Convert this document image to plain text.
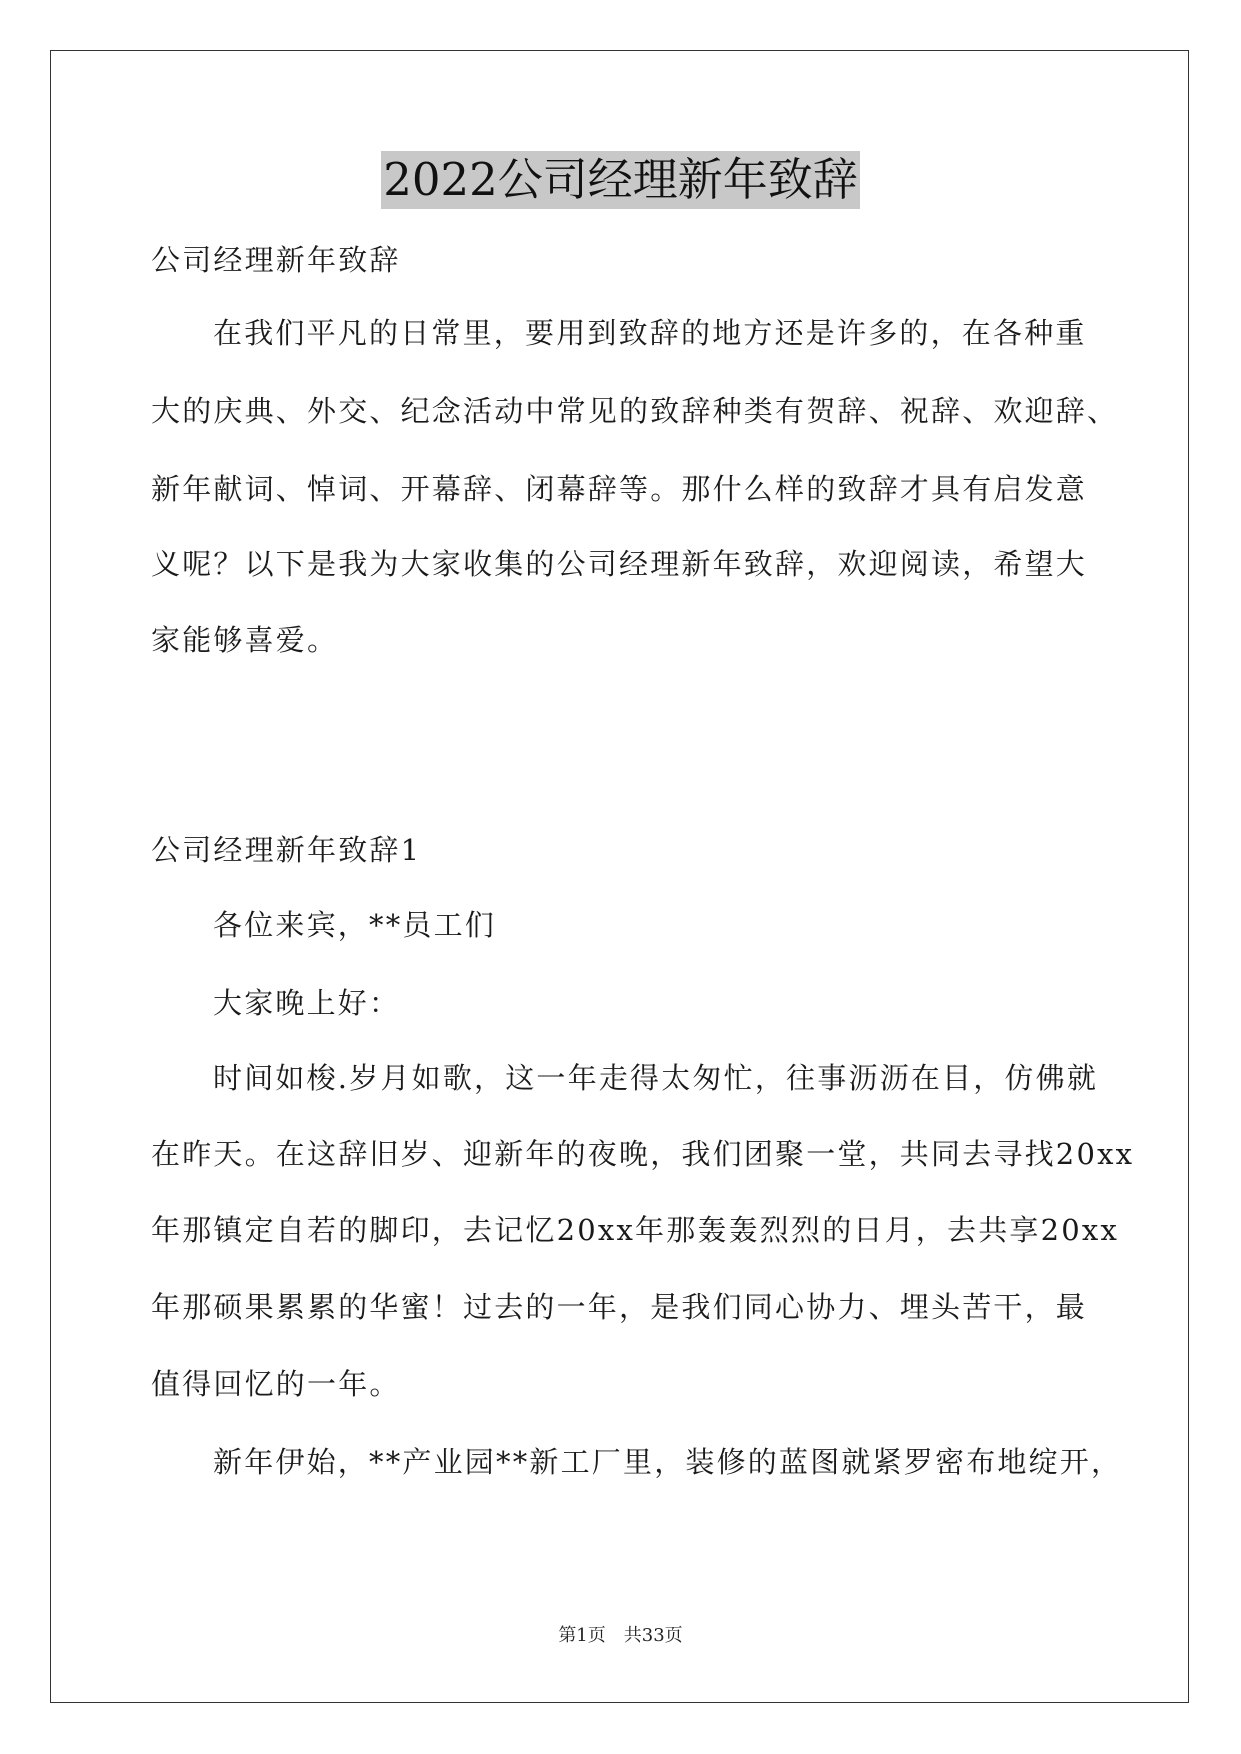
2022公司经理新年致辞
公司经理新年致辞
在我们平凡的日常里，要用到致辞的地方还是许多的，在各种重
大的庆典、外交、纪念活动中常见的致辞种类有贺辞、祝辞、欢迎辞、
新年献词、悼词、开幕辞、闭幕辞等。那什么样的致辞才具有启发意
义呢？以下是我为大家收集的公司经理新年致辞，欢迎阅读，希望大
家能够喜爱。
公司经理新年致辞1
各位来宾，**员工们
大家晚上好：
时间如梭.岁月如歌，这一年走得太匆忙，往事沥沥在目，仿佛就
在昨天。在这辞旧岁、迎新年的夜晚，我们团聚一堂，共同去寻找20xx
年那镇定自若的脚印，去记忆20xx年那轰轰烈烈的日月，去共享20xx
年那硕果累累的华蜜！过去的一年，是我们同心协力、埋头苦干，最
值得回忆的一年。
新年伊始，**产业园**新工厂里，装修的蓝图就紧罗密布地绽开，
第1页　共33页
